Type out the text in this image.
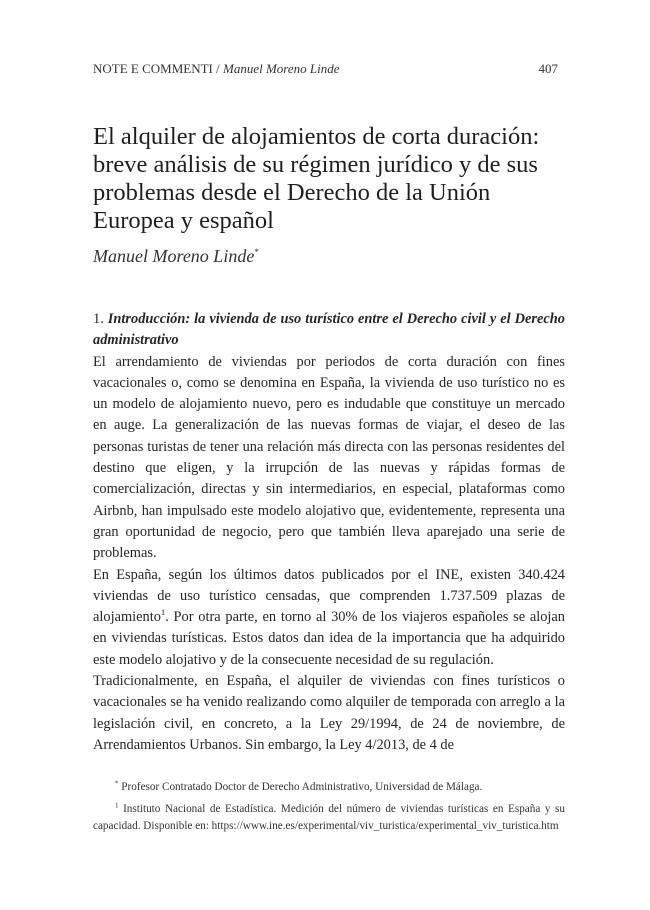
NOTE E COMMENTI / Manuel Moreno Linde	407
El alquiler de alojamientos de corta duración: breve análisis de su régimen jurídico y de sus problemas desde el Derecho de la Unión Europea y español
Manuel Moreno Linde*

1. Introducción: la vivienda de uso turístico entre el Derecho civil y el Derecho administrativo

El arrendamiento de viviendas por periodos de corta duración con fines vacacionales o, como se denomina en España, la vivienda de uso turístico no es un modelo de alojamiento nuevo, pero es indudable que constituye un mercado en auge. La generalización de las nuevas formas de viajar, el deseo de las personas turistas de tener una relación más directa con las personas residentes del destino que eligen, y la irrupción de las nuevas y rápidas formas de comercialización, directas y sin intermediarios, en especial, plataformas como Airbnb, han impulsado este modelo alojativo que, evidentemente, representa una gran oportunidad de negocio, pero que también lleva aparejado una serie de problemas.

En España, según los últimos datos publicados por el INE, existen 340.424 viviendas de uso turístico censadas, que comprenden 1.737.509 plazas de alojamiento$^1$. Por otra parte, en torno al 30% de los viajeros españoles se alojan en viviendas turísticas. Estos datos dan idea de la importancia que ha adquirido este modelo alojativo y de la consecuente necesidad de su regulación.

Tradicionalmente, en España, el alquiler de viviendas con fines turísticos o vacacionales se ha venido realizando como alquiler de temporada con arreglo a la legislación civil, en concreto, a la Ley 29/1994, de 24 de noviembre, de Arrendamientos Urbanos. Sin embargo, la Ley 4/2013, de 4 de

* Profesor Contratado Doctor de Derecho Administrativo, Universidad de Málaga.

$^1$ Instituto Nacional de Estadística. Medición del número de viviendas turísticas en España y su capacidad. Disponible en: https://www.ine.es/experimental/viv_turistica/experimental_viv_turistica.htm
